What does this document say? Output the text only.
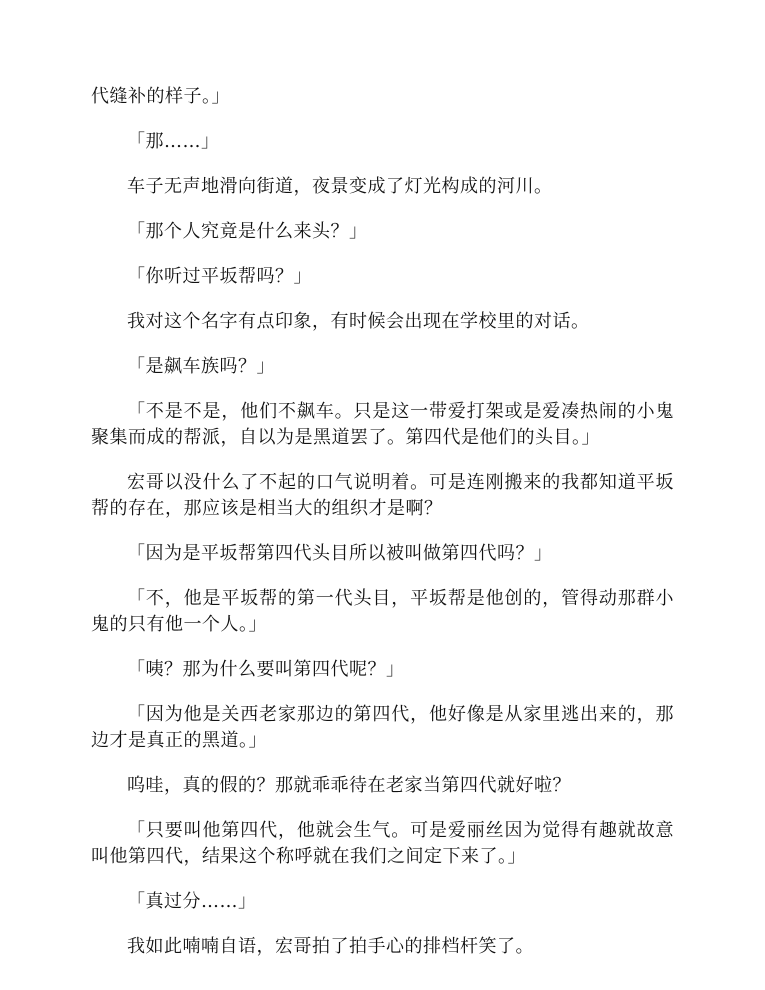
代缝补的样子。」

「那……」

车子无声地滑向街道，夜景变成了灯光构成的河川。

「那个人究竟是什么来头？」

「你听过平坂帮吗？」

我对这个名字有点印象，有时候会出现在学校里的对话。

「是飙车族吗？」

「不是不是，他们不飙车。只是这一带爱打架或是爱凑热闹的小鬼聚集而成的帮派，自以为是黑道罢了。第四代是他们的头目。」

宏哥以没什么了不起的口气说明着。可是连刚搬来的我都知道平坂帮的存在，那应该是相当大的组织才是啊？

「因为是平坂帮第四代头目所以被叫做第四代吗？」

「不，他是平坂帮的第一代头目，平坂帮是他创的，管得动那群小鬼的只有他一个人。」

「咦？那为什么要叫第四代呢？」

「因为他是关西老家那边的第四代，他好像是从家里逃出来的，那边才是真正的黑道。」

呜哇，真的假的？那就乖乖待在老家当第四代就好啦？

「只要叫他第四代，他就会生气。可是爱丽丝因为觉得有趣就故意叫他第四代，结果这个称呼就在我们之间定下来了。」

「真过分……」

我如此喃喃自语，宏哥拍了拍手心的排档杆笑了。
